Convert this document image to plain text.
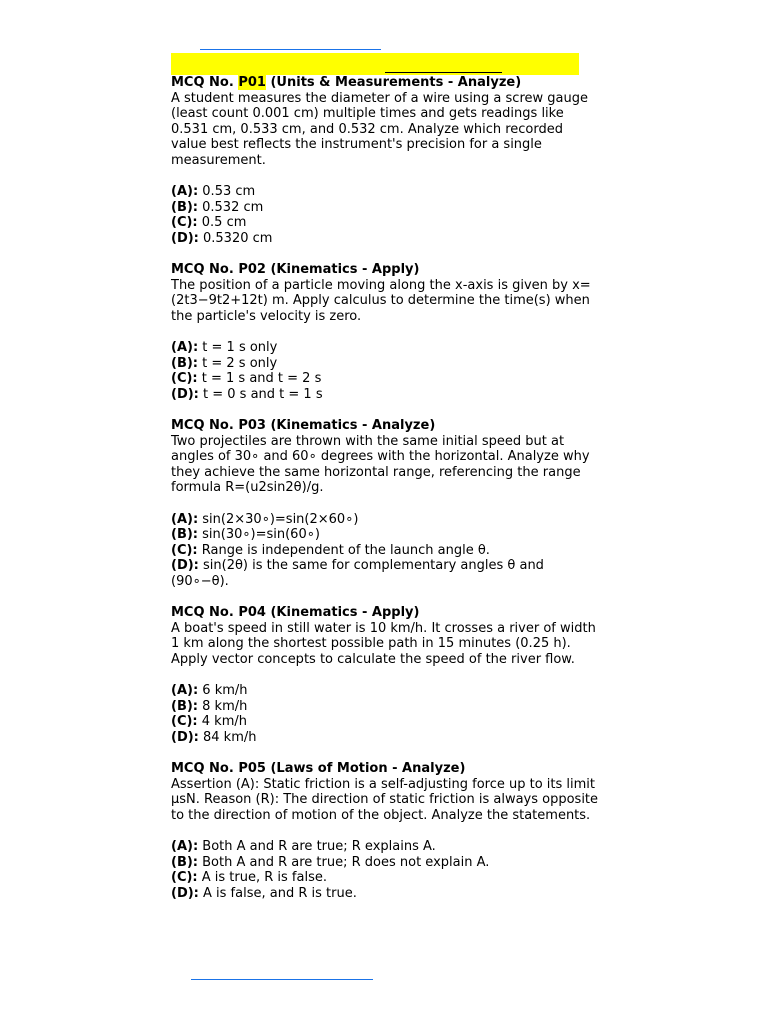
MCQ No. P01 (Units & Measurements - Analyze)

A student measures the diameter of a wire using a screw gauge (least count 0.001 cm) multiple times and gets readings like 0.531 cm, 0.533 cm, and 0.532 cm. Analyze which recorded value best reflects the instrument's precision for a single measurement.

(A): 0.53 cm

(B): 0.532 cm

(C): 0.5 cm

(D): 0.5320 cm

MCQ No. P02 (Kinematics - Apply)

The position of a particle moving along the x-axis is given by x=(2t3−9t2+12t) m. Apply calculus to determine the time(s) when the particle's velocity is zero.

(A): t = 1 s only

(B): t = 2 s only

(C): t = 1 s and t = 2 s

(D): t = 0 s and t = 1 s

MCQ No. P03 (Kinematics - Analyze)

Two projectiles are thrown with the same initial speed but at angles of 30∘ and 60∘ degrees with the horizontal. Analyze why they achieve the same horizontal range, referencing the range formula R=(u2sin2θ)/g.

(A): sin(2×30∘)=sin(2×60∘)

(B): sin(30∘)=sin(60∘)

(C): Range is independent of the launch angle θ.

(D): sin(2θ) is the same for complementary angles θ and (90∘−θ).

MCQ No. P04 (Kinematics - Apply)

A boat's speed in still water is 10 km/h. It crosses a river of width 1 km along the shortest possible path in 15 minutes (0.25 h). Apply vector concepts to calculate the speed of the river flow.

(A): 6 km/h

(B): 8 km/h

(C): 4 km/h

(D): 84 km/h

MCQ No. P05 (Laws of Motion - Analyze)

Assertion (A): Static friction is a self-adjusting force up to its limit μsN. Reason (R): The direction of static friction is always opposite to the direction of motion of the object. Analyze the statements.

(A): Both A and R are true; R explains A.

(B): Both A and R are true; R does not explain A.

(C): A is true, R is false.

(D): A is false, and R is true.
